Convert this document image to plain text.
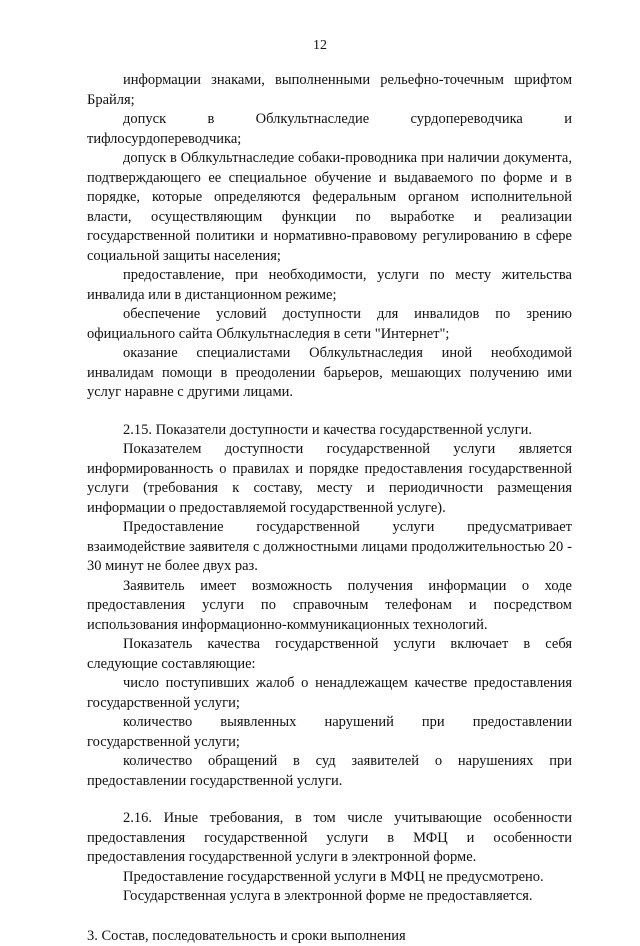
12

информации знаками, выполненными рельефно-точечным шрифтом Брайля;

допуск в Облкультнаследие сурдопереводчика и тифлосурдопереводчика;

допуск в Облкультнаследие собаки-проводника при наличии документа, подтверждающего ее специальное обучение и выдаваемого по форме и в порядке, которые определяются федеральным органом исполнительной власти, осуществляющим функции по выработке и реализации государственной политики и нормативно-правовому регулированию в сфере социальной защиты населения;

предоставление, при необходимости, услуги по месту жительства инвалида или в дистанционном режиме;

обеспечение условий доступности для инвалидов по зрению официального сайта Облкультнаследия в сети "Интернет";

оказание специалистами Облкультнаследия иной необходимой инвалидам помощи в преодолении барьеров, мешающих получению ими услуг наравне с другими лицами.

2.15. Показатели доступности и качества государственной услуги.

Показателем доступности государственной услуги является информированность о правилах и порядке предоставления государственной услуги (требования к составу, месту и периодичности размещения информации о предоставляемой государственной услуге).

Предоставление государственной услуги предусматривает взаимодействие заявителя с должностными лицами продолжительностью 20 - 30 минут не более двух раз.

Заявитель имеет возможность получения информации о ходе предоставления услуги по справочным телефонам и посредством использования информационно-коммуникационных технологий.

Показатель качества государственной услуги включает в себя следующие составляющие:

число поступивших жалоб о ненадлежащем качестве предоставления государственной услуги;

количество выявленных нарушений при предоставлении государственной услуги;

количество обращений в суд заявителей о нарушениях при предоставлении государственной услуги.

2.16. Иные требования, в том числе учитывающие особенности предоставления государственной услуги в МФЦ и особенности предоставления государственной услуги в электронной форме.

Предоставление государственной услуги в МФЦ не предусмотрено.

Государственная услуга в электронной форме не предоставляется.

3. Состав, последовательность и сроки выполнения
